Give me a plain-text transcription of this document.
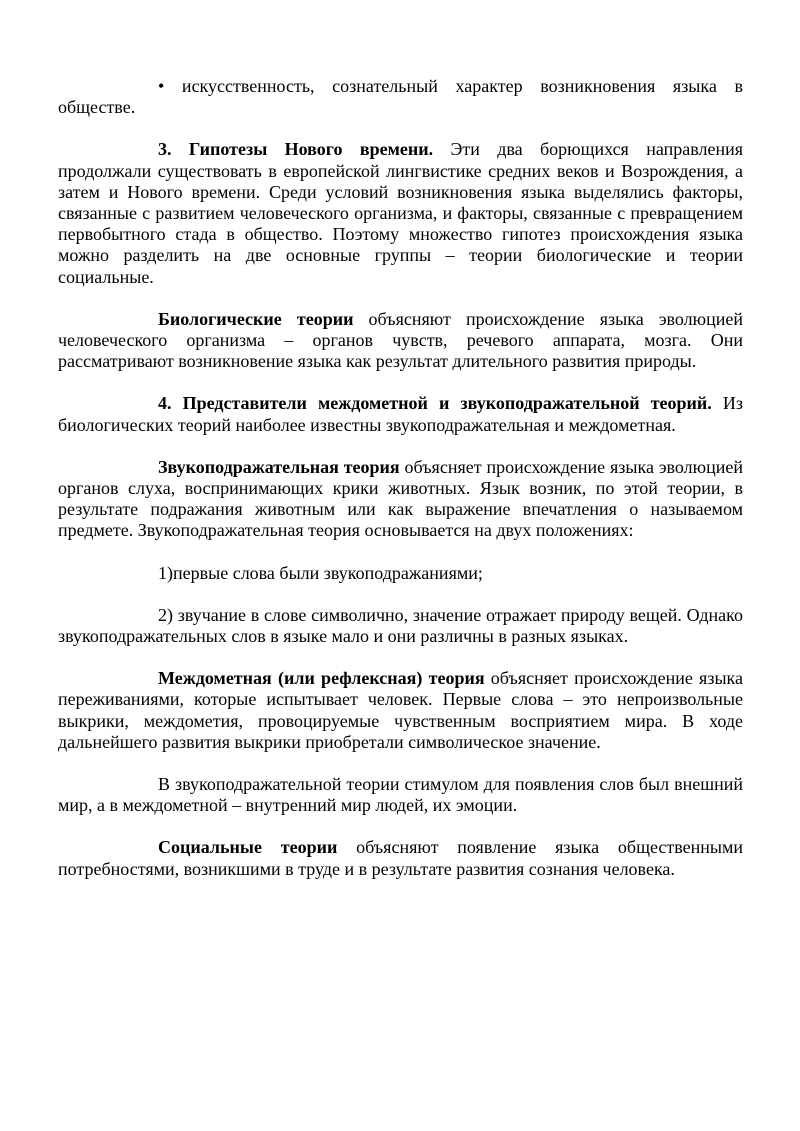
• искусственность, сознательный характер возникновения языка в обществе.

3. Гипотезы Нового времени. Эти два борющихся направления продолжали существовать в европейской лингвистике средних веков и Возрождения, а затем и Нового времени. Среди условий возникновения языка выделялись факторы, связанные с развитием человеческого организма, и факторы, связанные с превращением первобытного стада в общество. Поэтому множество гипотез происхождения языка можно разделить на две основные группы – теории биологические и теории социальные.

Биологические теории объясняют происхождение языка эволюцией человеческого организма – органов чувств, речевого аппарата, мозга. Они рассматривают возникновение языка как результат длительного развития природы.

4. Представители междометной и звукоподражательной теорий. Из биологических теорий наиболее известны звукоподражательная и междометная.

Звукоподражательная теория объясняет происхождение языка эволюцией органов слуха, воспринимающих крики животных. Язык возник, по этой теории, в результате подражания животным или как выражение впечатления о называемом предмете. Звукоподражательная теория основывается на двух положениях:

1)первые слова были звукоподражаниями;

2) звучание в слове символично, значение отражает природу вещей. Однако звукоподражательных слов в языке мало и они различны в разных языках.

Междометная (или рефлексная) теория объясняет происхождение языка переживаниями, которые испытывает человек. Первые слова – это непроизвольные выкрики, междометия, провоцируемые чувственным восприятием мира. В ходе дальнейшего развития выкрики приобретали символическое значение.

В звукоподражательной теории стимулом для появления слов был внешний мир, а в междометной – внутренний мир людей, их эмоции.

Социальные теории объясняют появление языка общественными потребностями, возникшими в труде и в результате развития сознания человека.
